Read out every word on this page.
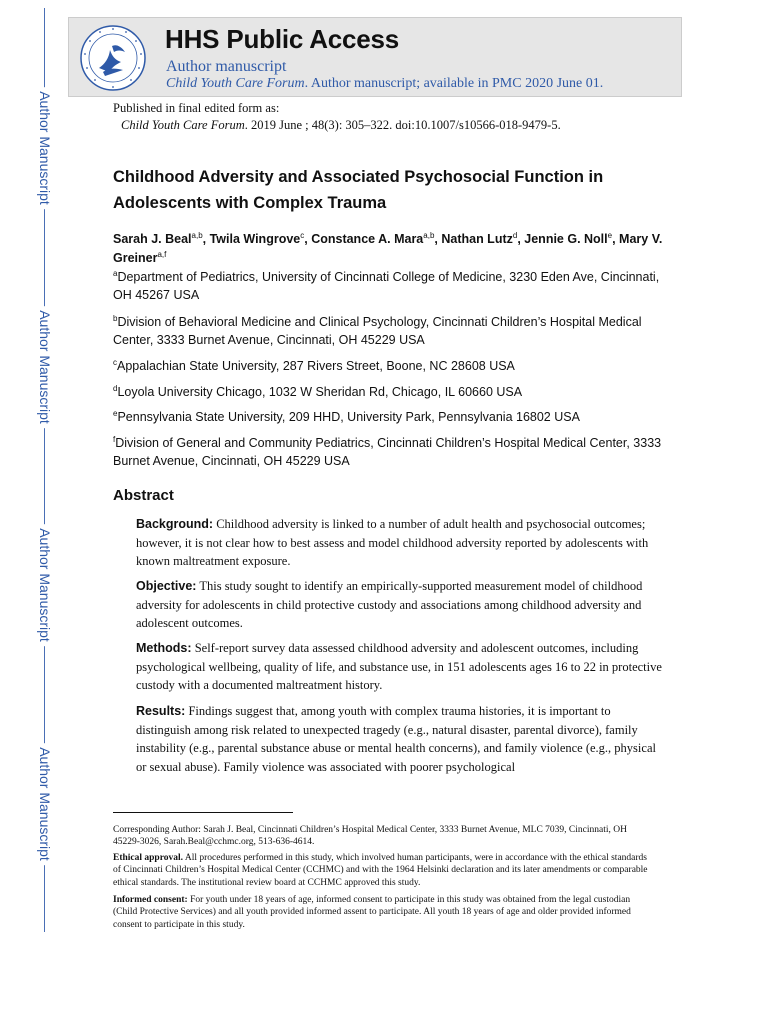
Author Manuscript
Author Manuscript
Author Manuscript
Author Manuscript
HHS Public Access
Author manuscript
Child Youth Care Forum. Author manuscript; available in PMC 2020 June 01.
Published in final edited form as:
Child Youth Care Forum. 2019 June ; 48(3): 305–322. doi:10.1007/s10566-018-9479-5.
Childhood Adversity and Associated Psychosocial Function in Adolescents with Complex Trauma
Sarah J. Beal$^{a,b}$, Twila Wingrove$^c$, Constance A. Mara$^{a,b}$, Nathan Lutz$^d$, Jennie G. Noll$^e$, Mary V. Greiner$^{a,f}$
$^a$Department of Pediatrics, University of Cincinnati College of Medicine, 3230 Eden Ave, Cincinnati, OH 45267 USA
$^b$Division of Behavioral Medicine and Clinical Psychology, Cincinnati Children’s Hospital Medical Center, 3333 Burnet Avenue, Cincinnati, OH 45229 USA
$^c$Appalachian State University, 287 Rivers Street, Boone, NC 28608 USA
$^d$Loyola University Chicago, 1032 W Sheridan Rd, Chicago, IL 60660 USA
$^e$Pennsylvania State University, 209 HHD, University Park, Pennsylvania 16802 USA
$^f$Division of General and Community Pediatrics, Cincinnati Children’s Hospital Medical Center, 3333 Burnet Avenue, Cincinnati, OH 45229 USA
Abstract
Background: Childhood adversity is linked to a number of adult health and psychosocial outcomes; however, it is not clear how to best assess and model childhood adversity reported by adolescents with known maltreatment exposure.
Objective: This study sought to identify an empirically-supported measurement model of childhood adversity for adolescents in child protective custody and associations among childhood adversity and adolescent outcomes.
Methods: Self-report survey data assessed childhood adversity and adolescent outcomes, including psychological wellbeing, quality of life, and substance use, in 151 adolescents ages 16 to 22 in protective custody with a documented maltreatment history.
Results: Findings suggest that, among youth with complex trauma histories, it is important to distinguish among risk related to unexpected tragedy (e.g., natural disaster, parental divorce), family instability (e.g., parental substance abuse or mental health concerns), and family violence (e.g., physical or sexual abuse). Family violence was associated with poorer psychological
Corresponding Author: Sarah J. Beal, Cincinnati Children’s Hospital Medical Center, 3333 Burnet Avenue, MLC 7039, Cincinnati, OH 45229-3026, Sarah.Beal@cchmc.org, 513-636-4614.
Ethical approval. All procedures performed in this study, which involved human participants, were in accordance with the ethical standards of Cincinnati Children’s Hospital Medical Center (CCHMC) and with the 1964 Helsinki declaration and its later amendments or comparable ethical standards. The institutional review board at CCHMC approved this study.
Informed consent: For youth under 18 years of age, informed consent to participate in this study was obtained from the legal custodian (Child Protective Services) and all youth provided informed assent to participate. All youth 18 years of age and older provided informed consent to participate in this study.
